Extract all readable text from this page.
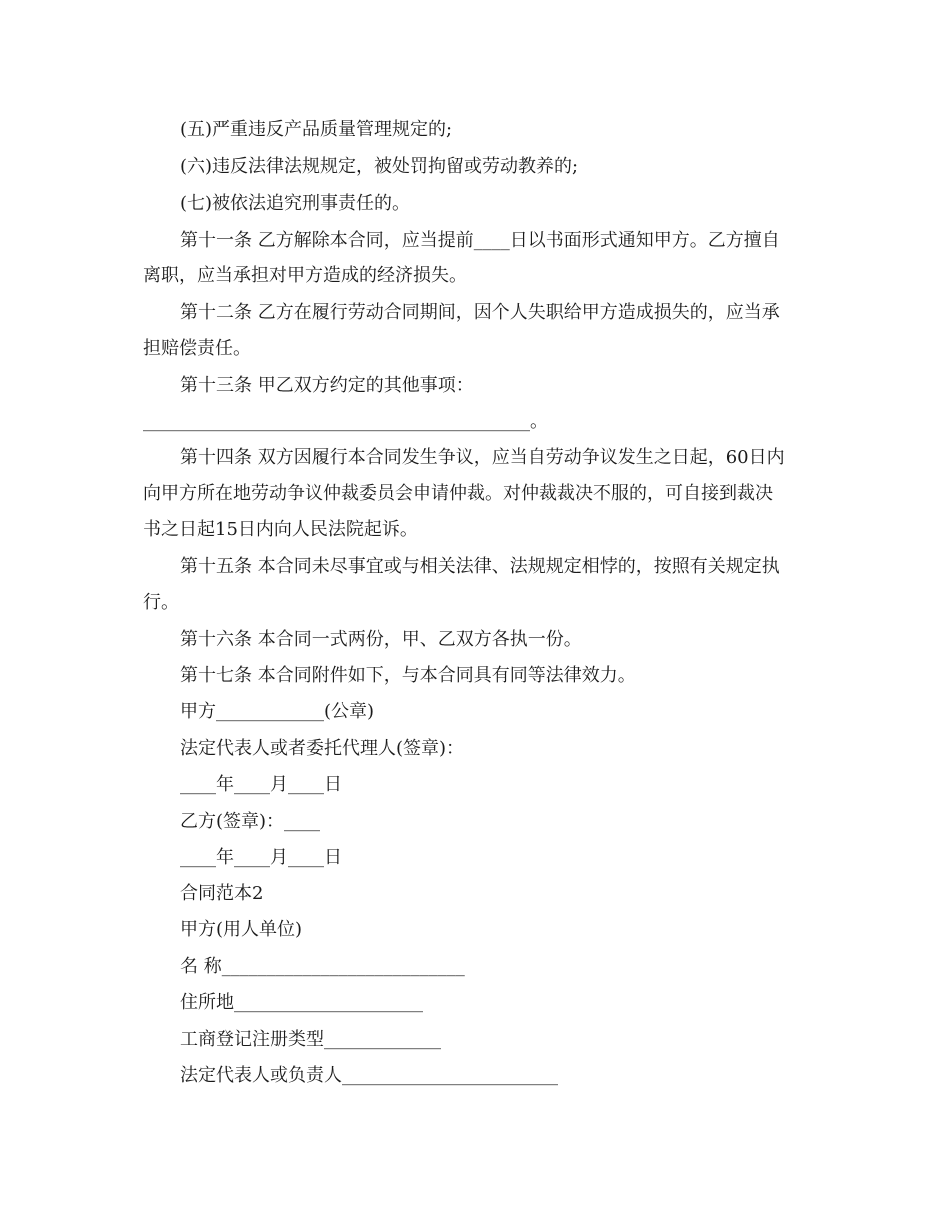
(五)严重违反产品质量管理规定的;
(六)违反法律法规规定，被处罚拘留或劳动教养的;
(七)被依法追究刑事责任的。
第十一条 乙方解除本合同，应当提前____日以书面形式通知甲方。乙方擅自
离职，应当承担对甲方造成的经济损失。
第十二条 乙方在履行劳动合同期间，因个人失职给甲方造成损失的，应当承
担赔偿责任。
第十三条 甲乙双方约定的其他事项：
___________________________________________。
第十四条 双方因履行本合同发生争议，应当自劳动争议发生之日起，60日内
向甲方所在地劳动争议仲裁委员会申请仲裁。对仲裁裁决不服的，可自接到裁决
书之日起15日内向人民法院起诉。
第十五条 本合同未尽事宜或与相关法律、法规规定相悖的，按照有关规定执
行。
第十六条 本合同一式两份，甲、乙双方各执一份。
第十七条 本合同附件如下，与本合同具有同等法律效力。
甲方____________(公章)
法定代表人或者委托代理人(签章)：
____年____月____日
乙方(签章)：____
____年____月____日
合同范本2
甲方(用人单位)
名 称___________________________
住所地_____________________
工商登记注册类型_____________
法定代表人或负责人________________________
